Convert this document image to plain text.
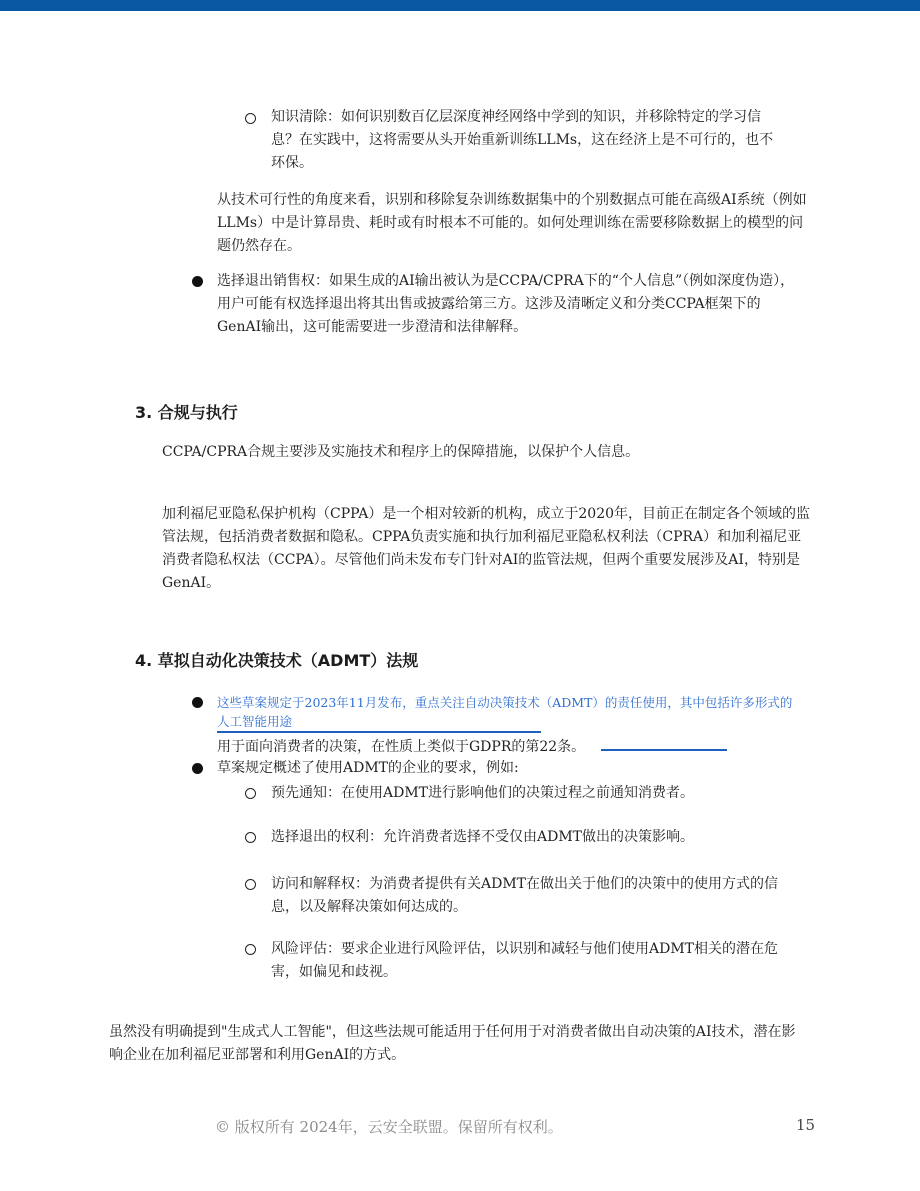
知识清除：如何识别数百亿层深度神经网络中学到的知识，并移除特定的学习信息？在实践中，这将需要从头开始重新训练LLMs，这在经济上是不可行的，也不环保。
从技术可行性的角度来看，识别和移除复杂训练数据集中的个别数据点可能在高级AI系统（例如LLMs）中是计算昂贵、耗时或有时根本不可能的。如何处理训练在需要移除数据上的模型的问题仍然存在。
选择退出销售权：如果生成的AI输出被认为是CCPA/CPRA下的“个人信息”（例如深度伪造），用户可能有权选择退出将其出售或披露给第三方。这涉及清晰定义和分类CCPA框架下的GenAI输出，这可能需要进一步澄清和法律解释。
3. 合规与执行
CCPA/CPRA合规主要涉及实施技术和程序上的保障措施，以保护个人信息。
加利福尼亚隐私保护机构（CPPA）是一个相对较新的机构，成立于2020年，目前正在制定各个领域的监管法规，包括消费者数据和隐私。CPPA负责实施和执行加利福尼亚隐私权利法（CPRA）和加利福尼亚消费者隐私权法（CCPA）。尽管他们尚未发布专门针对AI的监管法规，但两个重要发展涉及AI，特别是GenAI。
4. 草拟自动化决策技术（ADMT）法规
这些草案规定于2023年11月发布，重点关注自动决策技术（ADMT）的责任使用，其中包括许多形式的人工智能用途
用于面向消费者的决策，在性质上类似于GDPR的第22条。
草案规定概述了使用ADMT的企业的要求，例如:
预先通知：在使用ADMT进行影响他们的决策过程之前通知消费者。
选择退出的权利：允许消费者选择不受仅由ADMT做出的决策影响。
访问和解释权：为消费者提供有关ADMT在做出关于他们的决策中的使用方式的信息，以及解释决策如何达成的。
风险评估：要求企业进行风险评估，以识别和减轻与他们使用ADMT相关的潜在危害，如偏见和歧视。
虽然没有明确提到"生成式人工智能"，但这些法规可能适用于任何用于对消费者做出自动决策的AI技术，潜在影响企业在加利福尼亚部署和利用GenAI的方式。
© 版权所有 2024年，云安全联盟。保留所有权利。	15
